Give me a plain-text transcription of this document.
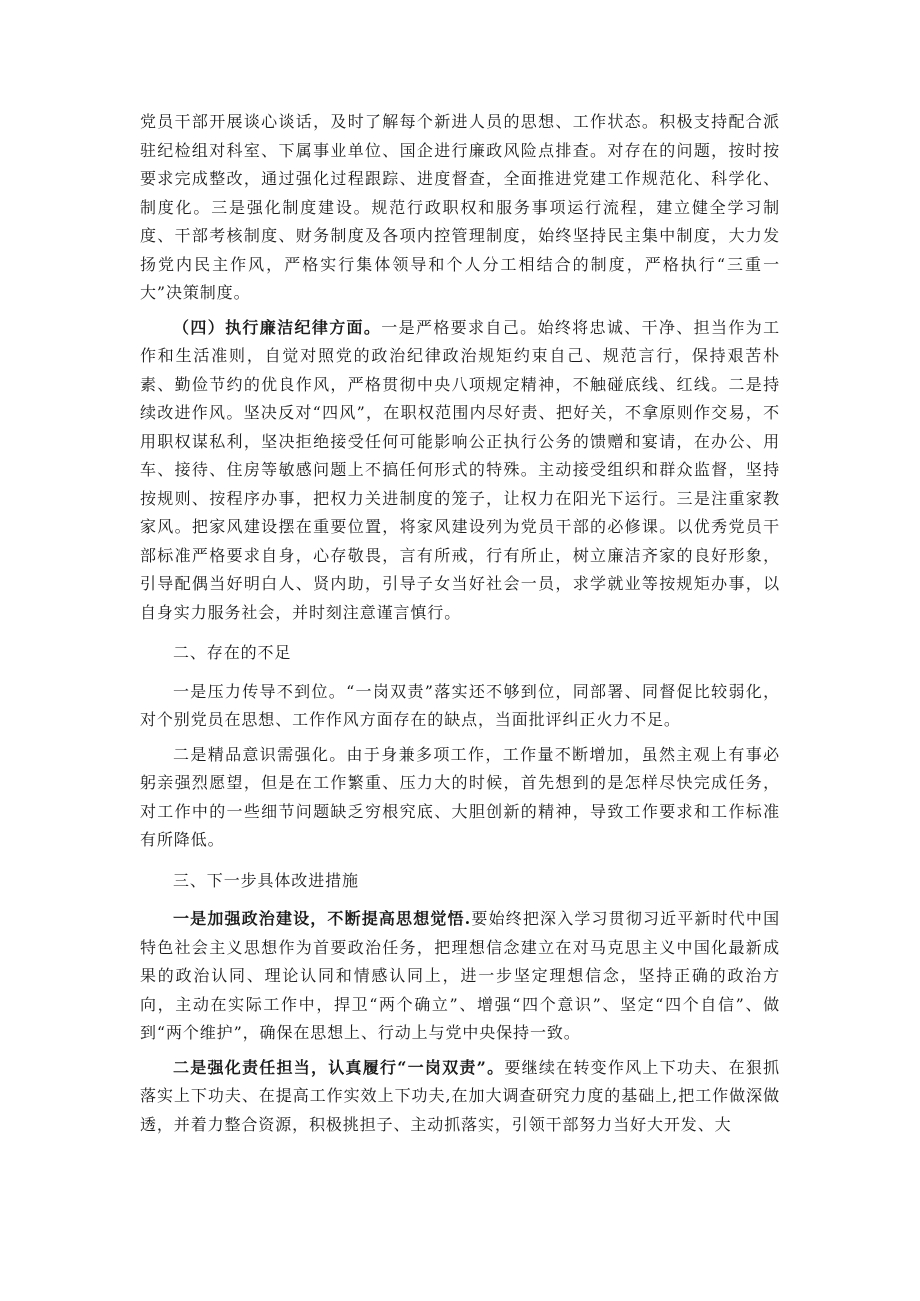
党员干部开展谈心谈话，及时了解每个新进人员的思想、工作状态。积极支持配合派驻纪检组对科室、下属事业单位、国企进行廉政风险点排查。对存在的问题，按时按要求完成整改，通过强化过程跟踪、进度督查，全面推进党建工作规范化、科学化、制度化。三是强化制度建设。规范行政职权和服务事项运行流程，建立健全学习制度、干部考核制度、财务制度及各项内控管理制度，始终坚持民主集中制度，大力发扬党内民主作风，严格实行集体领导和个人分工相结合的制度，严格执行“三重一大”决策制度。

（四）执行廉洁纪律方面。一是严格要求自己。始终将忠诚、干净、担当作为工作和生活准则，自觉对照党的政治纪律政治规矩约束自己、规范言行，保持艰苦朴素、勤俭节约的优良作风，严格贯彻中央八项规定精神，不触碰底线、红线。二是持续改进作风。坚决反对“四风”，在职权范围内尽好责、把好关，不拿原则作交易，不用职权谋私利，坚决拒绝接受任何可能影响公正执行公务的馈赠和宴请，在办公、用车、接待、住房等敏感问题上不搞任何形式的特殊。主动接受组织和群众监督，坚持按规则、按程序办事，把权力关进制度的笼子，让权力在阳光下运行。三是注重家教家风。把家风建设摆在重要位置，将家风建设列为党员干部的必修课。以优秀党员干部标准严格要求自身，心存敬畏，言有所戒，行有所止，树立廉洁齐家的良好形象，引导配偶当好明白人、贤内助，引导子女当好社会一员，求学就业等按规矩办事，以自身实力服务社会，并时刻注意谨言慎行。

二、存在的不足

一是压力传导不到位。“一岗双责”落实还不够到位，同部署、同督促比较弱化，对个别党员在思想、工作作风方面存在的缺点，当面批评纠正火力不足。

二是精品意识需强化。由于身兼多项工作，工作量不断增加，虽然主观上有事必躬亲强烈愿望，但是在工作繁重、压力大的时候，首先想到的是怎样尽快完成任务，对工作中的一些细节问题缺乏穷根究底、大胆创新的精神，导致工作要求和工作标准有所降低。

三、下一步具体改进措施

一是加强政治建设，不断提高思想觉悟.要始终把深入学习贯彻习近平新时代中国特色社会主义思想作为首要政治任务，把理想信念建立在对马克思主义中国化最新成果的政治认同、理论认同和情感认同上，进一步坚定理想信念，坚持正确的政治方向，主动在实际工作中，捍卫“两个确立”、增强“四个意识”、坚定“四个自信”、做到“两个维护”，确保在思想上、行动上与党中央保持一致。

二是强化责任担当，认真履行“一岗双责”。要继续在转变作风上下功夫、在狠抓落实上下功夫、在提高工作实效上下功夫,在加大调查研究力度的基础上,把工作做深做透，并着力整合资源，积极挑担子、主动抓落实，引领干部努力当好大开发、大
